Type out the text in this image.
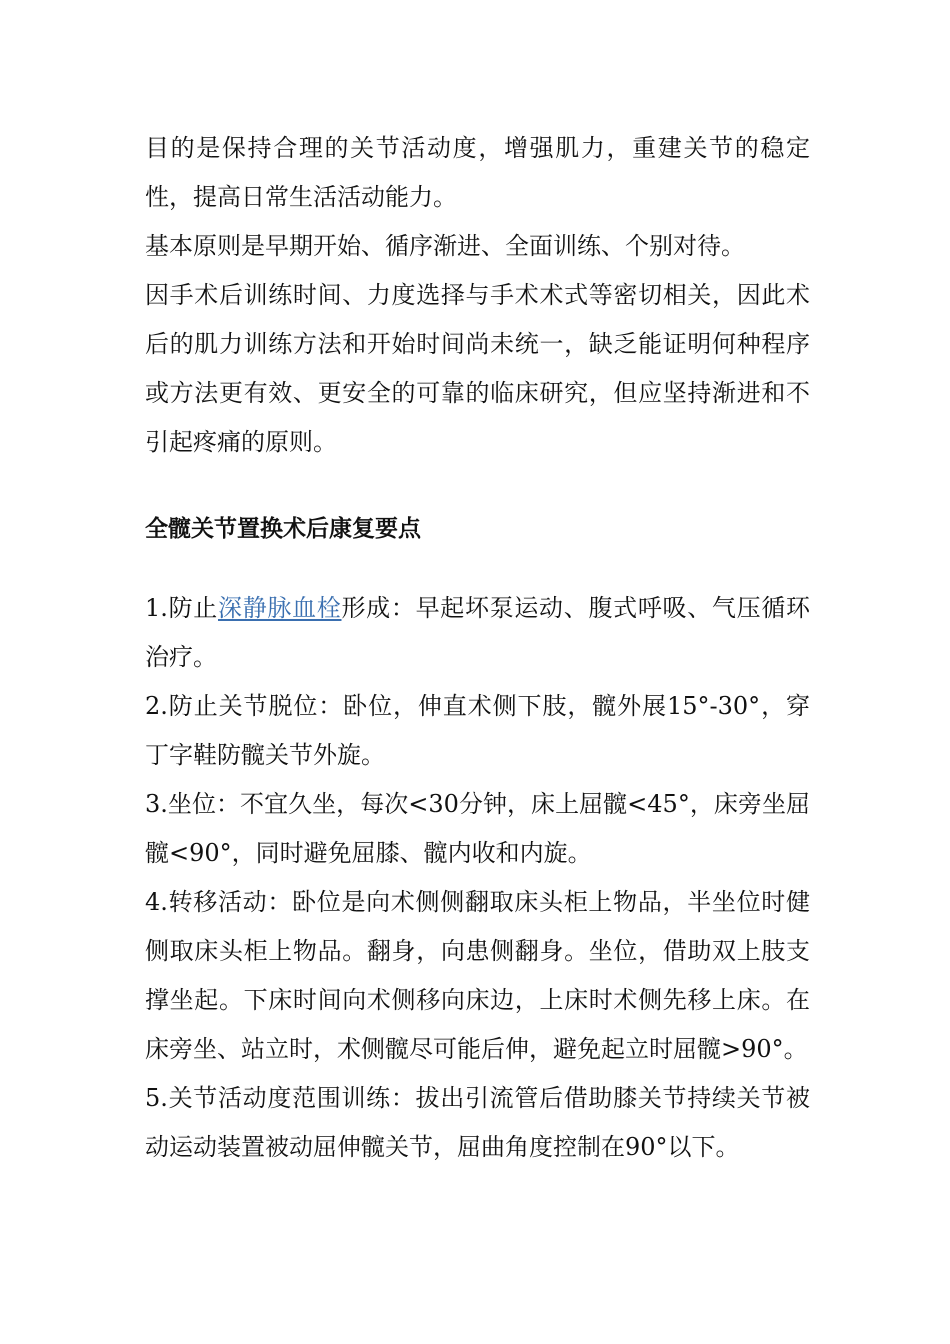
目的是保持合理的关节活动度，增强肌力，重建关节的稳定性，提高日常生活活动能力。

基本原则是早期开始、循序渐进、全面训练、个别对待。

因手术后训练时间、力度选择与手术术式等密切相关，因此术后的肌力训练方法和开始时间尚未统一，缺乏能证明何种程序或方法更有效、更安全的可靠的临床研究，但应坚持渐进和不引起疼痛的原则。

全髋关节置换术后康复要点

1.防止深静脉血栓形成：早起坏泵运动、腹式呼吸、气压循环治疗。

2.防止关节脱位：卧位，伸直术侧下肢，髋外展15°-30°，穿丁字鞋防髋关节外旋。

3.坐位：不宜久坐，每次<30分钟，床上屈髋<45°，床旁坐屈髋<90°，同时避免屈膝、髋内收和内旋。

4.转移活动：卧位是向术侧侧翻取床头柜上物品，半坐位时健侧取床头柜上物品。翻身，向患侧翻身。坐位，借助双上肢支撑坐起。下床时间向术侧移向床边，上床时术侧先移上床。在床旁坐、站立时，术侧髋尽可能后伸，避免起立时屈髋>90°。

5.关节活动度范围训练：拔出引流管后借助膝关节持续关节被动运动装置被动屈伸髋关节，屈曲角度控制在90°以下。
